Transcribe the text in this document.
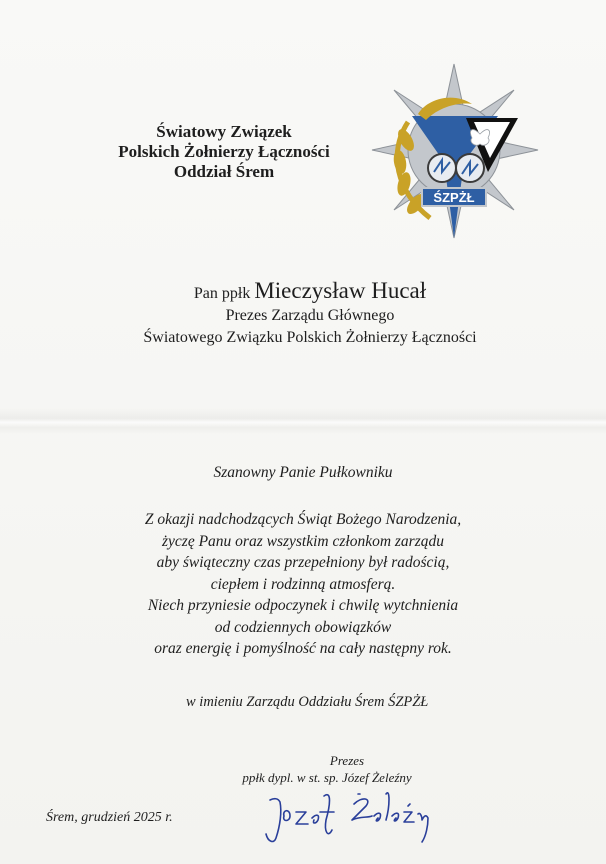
Światowy Związek
Polskich Żołnierzy Łączności
Oddział Śrem
ŚZPŻŁ
Pan ppłk Mieczysław Hucał
Prezes Zarządu Głównego
Światowego Związku Polskich Żołnierzy Łączności
Szanowny Panie Pułkowniku
Z okazji nadchodzących Świąt Bożego Narodzenia,
życzę Panu oraz wszystkim członkom zarządu
aby świąteczny czas przepełniony był radością,
ciepłem i rodzinną atmosferą.
Niech przyniesie odpoczynek i chwilę wytchnienia
od codziennych obowiązków
oraz energię i pomyślność na cały następny rok.
w imieniu Zarządu Oddziału Śrem ŚZPŻŁ
Prezes
ppłk dypl. w st. sp. Józef Żeleźny
Śrem, grudzień 2025 r.
